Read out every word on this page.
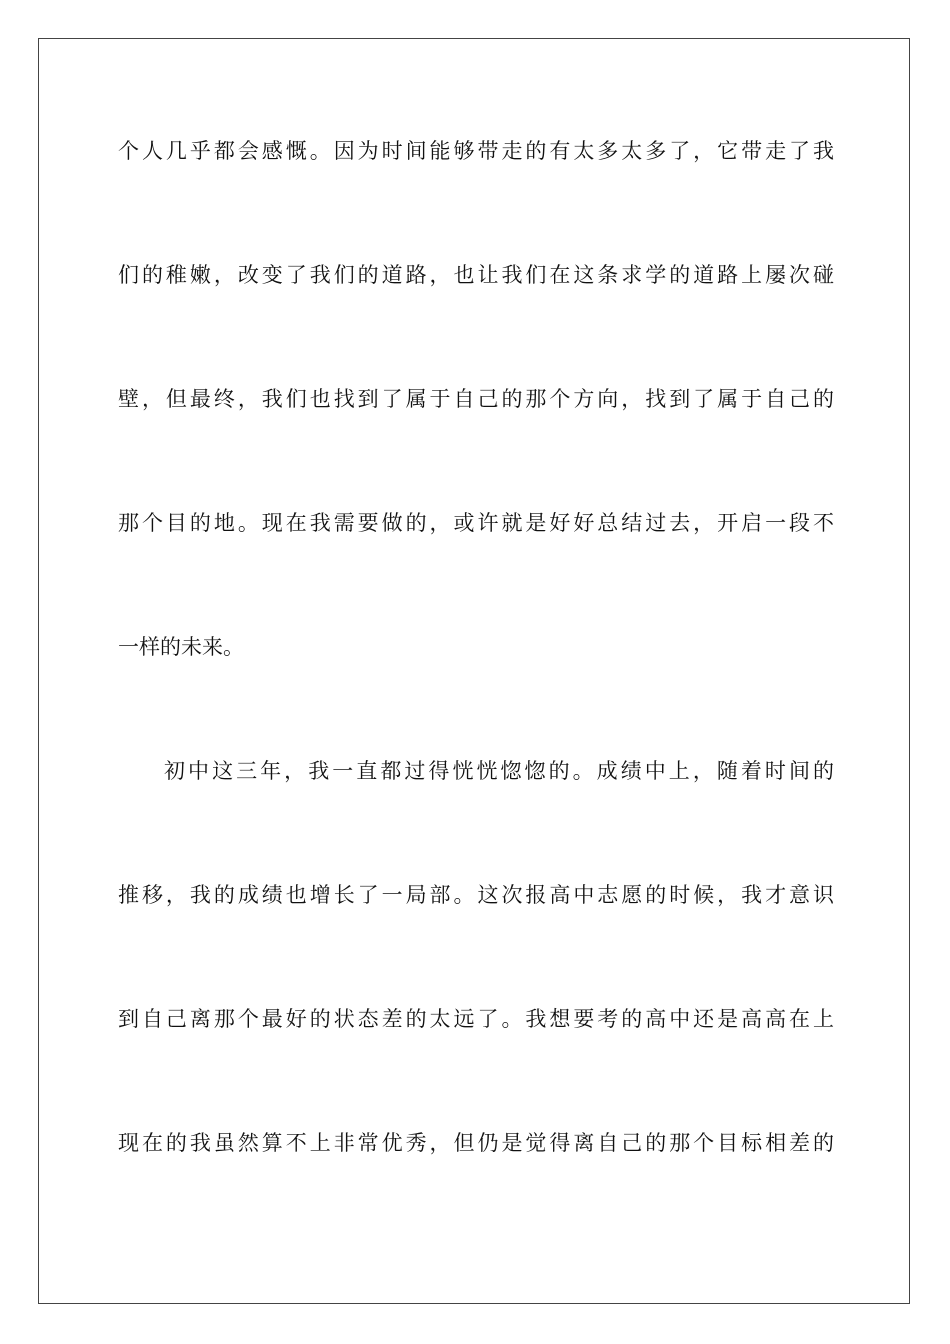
个人几乎都会感慨。因为时间能够带走的有太多太多了，它带走了我
们的稚嫩，改变了我们的道路，也让我们在这条求学的道路上屡次碰
壁，但最终，我们也找到了属于自己的那个方向，找到了属于自己的
那个目的地。现在我需要做的，或许就是好好总结过去，开启一段不
一样的未来。
初中这三年，我一直都过得恍恍惚惚的。成绩中上，随着时间的
推移，我的成绩也增长了一局部。这次报高中志愿的时候，我才意识
到自己离那个最好的状态差的太远了。我想要考的高中还是高高在上
现在的我虽然算不上非常优秀，但仍是觉得离自己的那个目标相差的
